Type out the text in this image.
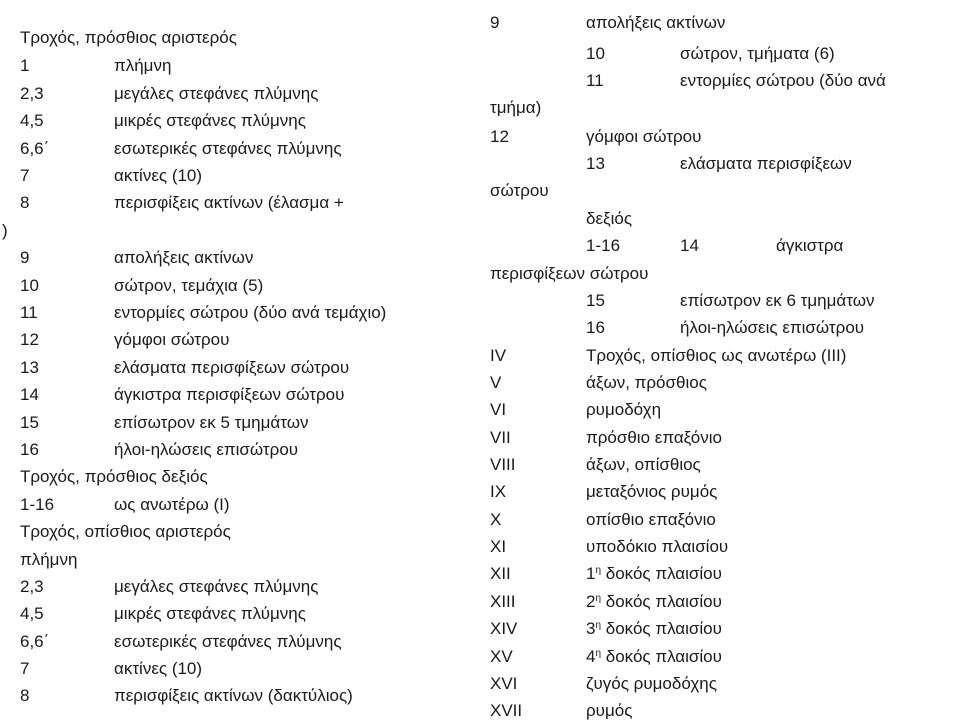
Τροχός, πρόσθιος αριστερός
1	πλήμνη
2,3	μεγάλες στεφάνες πλύμνης
4,5	μικρές στεφάνες πλύμνης
6,6΄	εσωτερικές στεφάνες πλύμνης
7	ακτίνες (10)
8	περισφίξεις ακτίνων (έλασμα +
)
9	απολήξεις ακτίνων
10	σώτρον, τεμάχια (5)
11	εντορμίες σώτρου (δύο ανά τεμάχιο)
12	γόμφοι σώτρου
13	ελάσματα περισφίξεων σώτρου
14	άγκιστρα περισφίξεων σώτρου
15	επίσωτρον εκ 5 τμημάτων
16	ήλοι-ηλώσεις επισώτρου
Τροχός, πρόσθιος δεξιός
1-16	ως ανωτέρω (I)
Τροχός, οπίσθιος αριστερός
πλήμνη
2,3	μεγάλες στεφάνες πλύμνης
4,5	μικρές στεφάνες πλύμνης
6,6΄	εσωτερικές στεφάνες πλύμνης
7	ακτίνες (10)
8	περισφίξεις ακτίνων (δακτύλιος)
9	απολήξεις ακτίνων
10	σώτρον, τμήματα (6)
11	εντορμίες σώτρου (δύο ανά
τμήμα)
12	γόμφοι σώτρου
13	ελάσματα περισφίξεων
σώτρου
δεξιός
1-16	14	άγκιστρα
περισφίξεων σώτρου
15	επίσωτρον εκ 6 τμημάτων
16	ήλοι-ηλώσεις επισώτρου
IV	Τροχός, οπίσθιος ως ανωτέρω (III)
V	άξων, πρόσθιος
VI	ρυμοδόχη
VII	πρόσθιο επαξόνιο
VIII	άξων, οπίσθιος
IX	μεταξόνιος ρυμός
X	οπίσθιο επαξόνιο
XI	υποδόκιο πλαισίου
XII	$1^\eta$ δοκός πλαισίου
XIII	$2^\eta$ δοκός πλαισίου
XIV	$3^\eta$ δοκός πλαισίου
XV	$4^\eta$ δοκός πλαισίου
XVI	ζυγός ρυμοδόχης
XVII	ρυμός
